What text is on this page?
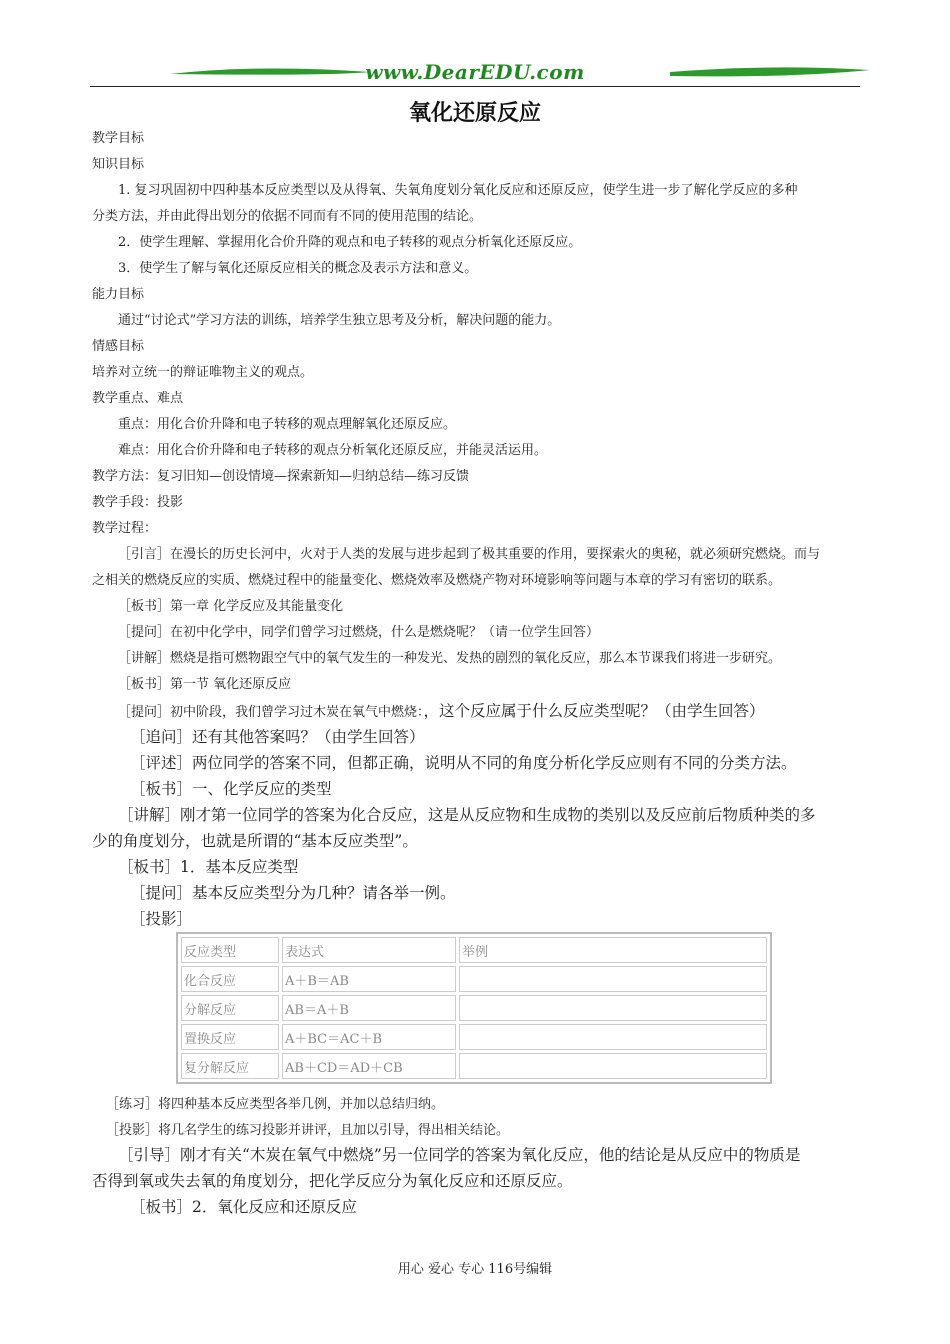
www.DearEDU.com
氧化还原反应
教学目标
知识目标
1. 复习巩固初中四种基本反应类型以及从得氧、失氧角度划分氧化反应和还原反应，使学生进一步了解化学反应的多种
分类方法，并由此得出划分的依据不同而有不同的使用范围的结论。
2．使学生理解、掌握用化合价升降的观点和电子转移的观点分析氧化还原反应。
3．使学生了解与氧化还原反应相关的概念及表示方法和意义。
能力目标
通过“讨论式”学习方法的训练，培养学生独立思考及分析，解决问题的能力。
情感目标
培养对立统一的辩证唯物主义的观点。
教学重点、难点
重点：用化合价升降和电子转移的观点理解氧化还原反应。
难点：用化合价升降和电子转移的观点分析氧化还原反应，并能灵活运用。
教学方法：复习旧知—创设情境—探索新知—归纳总结—练习反馈
教学手段：投影
教学过程：
［引言］在漫长的历史长河中，火对于人类的发展与进步起到了极其重要的作用，要探索火的奥秘，就必须研究燃烧。而与
之相关的燃烧反应的实质、燃烧过程中的能量变化、燃烧效率及燃烧产物对环境影响等问题与本章的学习有密切的联系。
［板书］第一章 化学反应及其能量变化
［提问］在初中化学中，同学们曾学习过燃烧，什么是燃烧呢？（请一位学生回答）
［讲解］燃烧是指可燃物跟空气中的氧气发生的一种发光、发热的剧烈的氧化反应，那么本节课我们将进一步研究。
［板书］第一节 氧化还原反应
［提问］初中阶段，我们曾学习过木炭在氧气中燃烧：，这个反应属于什么反应类型呢？（由学生回答）
［追问］还有其他答案吗？（由学生回答）
［评述］两位同学的答案不同，但都正确，说明从不同的角度分析化学反应则有不同的分类方法。
［板书］一、化学反应的类型
［讲解］刚才第一位同学的答案为化合反应，这是从反应物和生成物的类别以及反应前后物质种类的多
少的角度划分，也就是所谓的“基本反应类型”。
［板书］1．基本反应类型
［提问］基本反应类型分为几种？请各举一例。
［投影］
反应类型	表达式	举例
化合反应	A＋B＝AB	
分解反应	AB＝A＋B	
置换反应	A＋BC＝AC＋B	
复分解反应	AB＋CD＝AD＋CB	
［练习］将四种基本反应类型各举几例，并加以总结归纳。
［投影］将几名学生的练习投影并讲评，且加以引导，得出相关结论。
［引导］刚才有关“木炭在氧气中燃烧”另一位同学的答案为氧化反应，他的结论是从反应中的物质是
否得到氧或失去氧的角度划分，把化学反应分为氧化反应和还原反应。
［板书］2．氧化反应和还原反应
用心 爱心 专心 116号编辑
